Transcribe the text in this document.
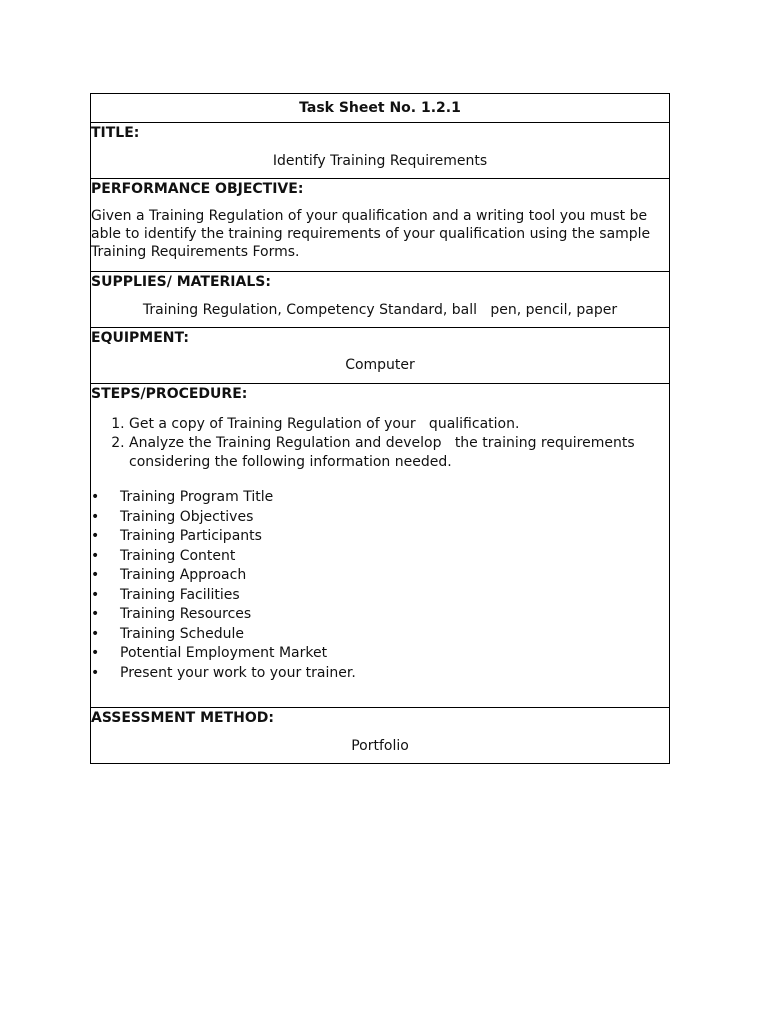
Task Sheet No. 1.2.1

TITLE:
Identify Training Requirements

PERFORMANCE OBJECTIVE:
Given a Training Regulation of your qualification and a writing tool you must be able to identify the training requirements of your qualification using the sample Training Requirements Forms.

SUPPLIES/ MATERIALS:
Training Regulation, Competency Standard, ball   pen, pencil, paper

EQUIPMENT:
Computer

STEPS/PROCEDURE:
1. Get a copy of Training Regulation of your   qualification.
2. Analyze the Training Regulation and develop   the training requirements considering the following information needed.
• Training Program Title
• Training Objectives
• Training Participants
• Training Content
• Training Approach
• Training Facilities
• Training Resources
• Training Schedule
• Potential Employment Market
• Present your work to your trainer.

ASSESSMENT METHOD:
Portfolio
